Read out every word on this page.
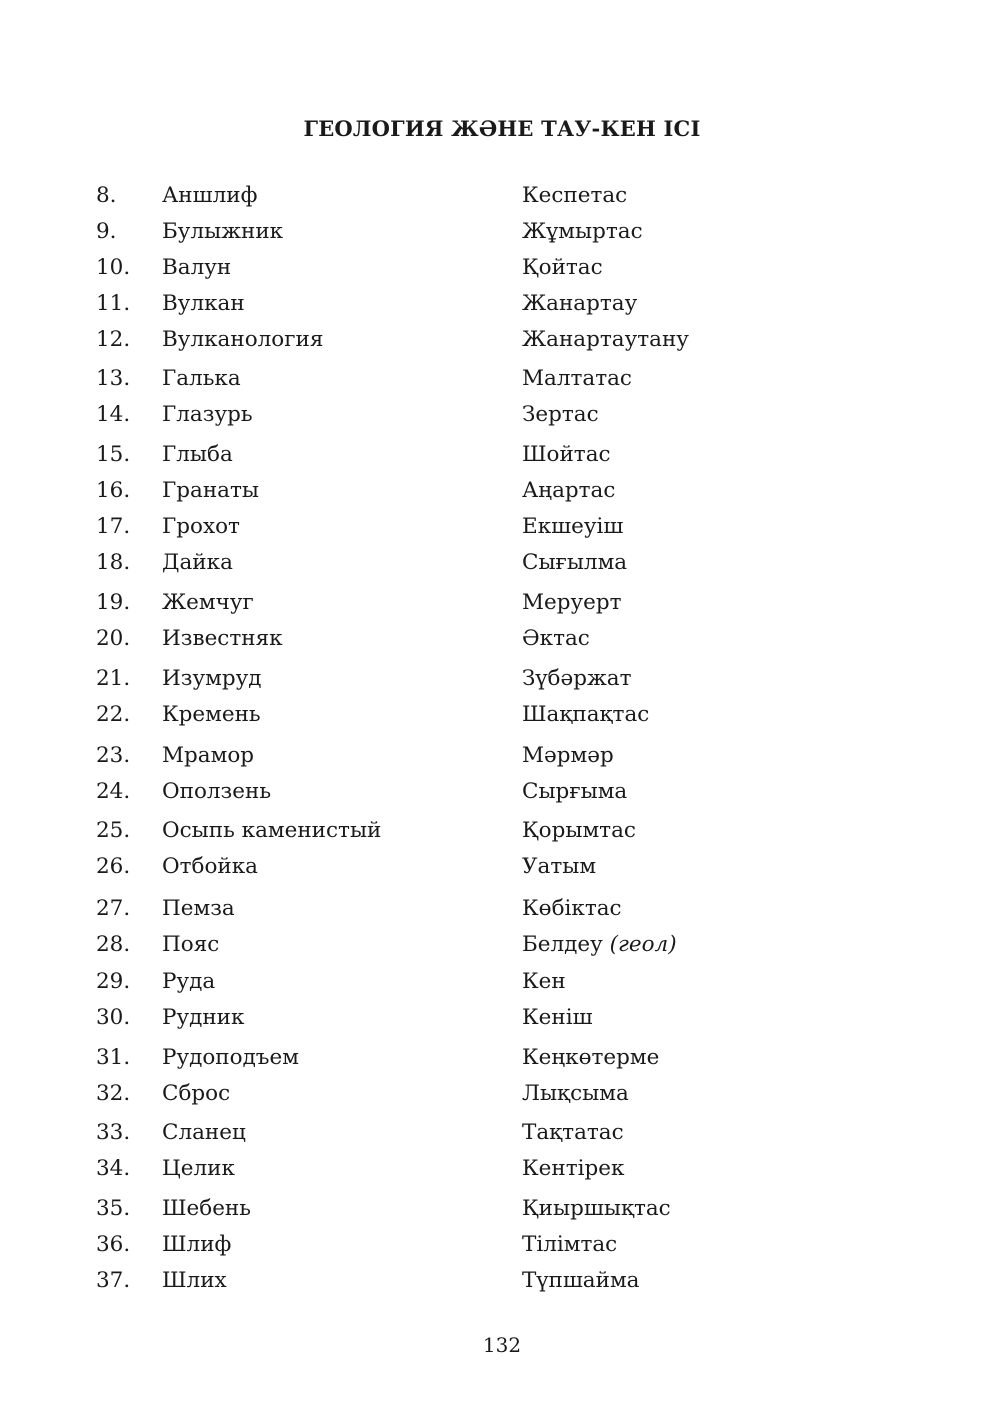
ГЕОЛОГИЯ ЖӘНЕ ТАУ-КЕН ІСІ
8. Аншлиф	Кеспетас
9. Булыжник	Жұмыртас
10. Валун	Қойтас
11. Вулкан	Жанартау
12. Вулканология	Жанартаутану
13. Галька	Малтатас
14. Глазурь	Зертас
15. Глыба	Шойтас
16. Гранаты	Аңартас
17. Грохот	Екшеуіш
18. Дайка	Сығылма
19. Жемчуг	Меруерт
20. Известняк	Әктас
21. Изумруд	Зүбәржат
22. Кремень	Шақпақтас
23. Мрамор	Мәрмәр
24. Оползень	Сырғыма
25. Осыпь каменистый	Қорымтас
26. Отбойка	Уатым
27. Пемза	Көбіктас
28. Пояс	Белдеу (геол)
29. Руда	Кен
30. Рудник	Кеніш
31. Рудоподъем	Кеңкөтерме
32. Сброс	Лықсыма
33. Сланец	Тақтатас
34. Целик	Кентірек
35. Шебень	Қиыршықтас
36. Шлиф	Тілімтас
37. Шлих	Түпшайма
132
